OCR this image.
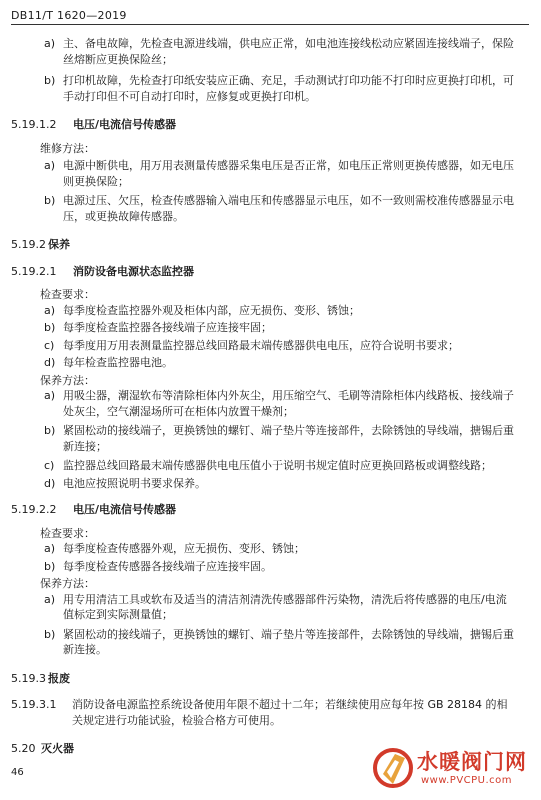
DB11/T 1620—2019
a) 主、备电故障，先检查电源进线端，供电应正常，如电池连接线松动应紧固连接线端子，保险丝熔断应更换保险丝；
b) 打印机故障，先检查打印纸安装应正确、充足，手动测试打印功能不打印时应更换打印机，可手动打印但不可自动打印时，应修复或更换打印机。
5.19.1.2 电压/电流信号传感器
维修方法：
a) 电源中断供电，用万用表测量传感器采集电压是否正常，如电压正常则更换传感器，如无电压则更换保险；
b) 电源过压、欠压，检查传感器输入端电压和传感器显示电压，如不一致则需校准传感器显示电压，或更换故障传感器。
5.19.2 保养
5.19.2.1 消防设备电源状态监控器
检查要求：
a) 每季度检查监控器外观及柜体内部，应无损伤、变形、锈蚀；
b) 每季度检查监控器各接线端子应连接牢固；
c) 每季度用万用表测量监控器总线回路最末端传感器供电电压，应符合说明书要求；
d) 每年检查监控器电池。
保养方法：
a) 用吸尘器，潮湿软布等清除柜体内外灰尘，用压缩空气、毛刷等清除柜体内线路板、接线端子处灰尘，空气潮湿场所可在柜体内放置干燥剂；
b) 紧固松动的接线端子，更换锈蚀的螺钉、端子垫片等连接部件，去除锈蚀的导线端，搪锡后重新连接；
c) 监控器总线回路最末端传感器供电电压值小于说明书规定值时应更换回路板或调整线路；
d) 电池应按照说明书要求保养。
5.19.2.2 电压/电流信号传感器
检查要求：
a) 每季度检查传感器外观，应无损伤、变形、锈蚀；
b) 每季度检查传感器各接线端子应连接牢固。
保养方法：
a) 用专用清洁工具或软布及适当的清洁剂清洗传感器部件污染物，清洗后将传感器的电压/电流值标定到实际测量值；
b) 紧固松动的接线端子，更换锈蚀的螺钉、端子垫片等连接部件，去除锈蚀的导线端，搪锡后重新连接。
5.19.3 报废
5.19.3.1 消防设备电源监控系统设备使用年限不超过十二年；若继续使用应每年按 GB 28184 的相关规定进行功能试验，检验合格方可使用。
5.20 灭火器
46	水暖阀门网
www.PVCPU.com
